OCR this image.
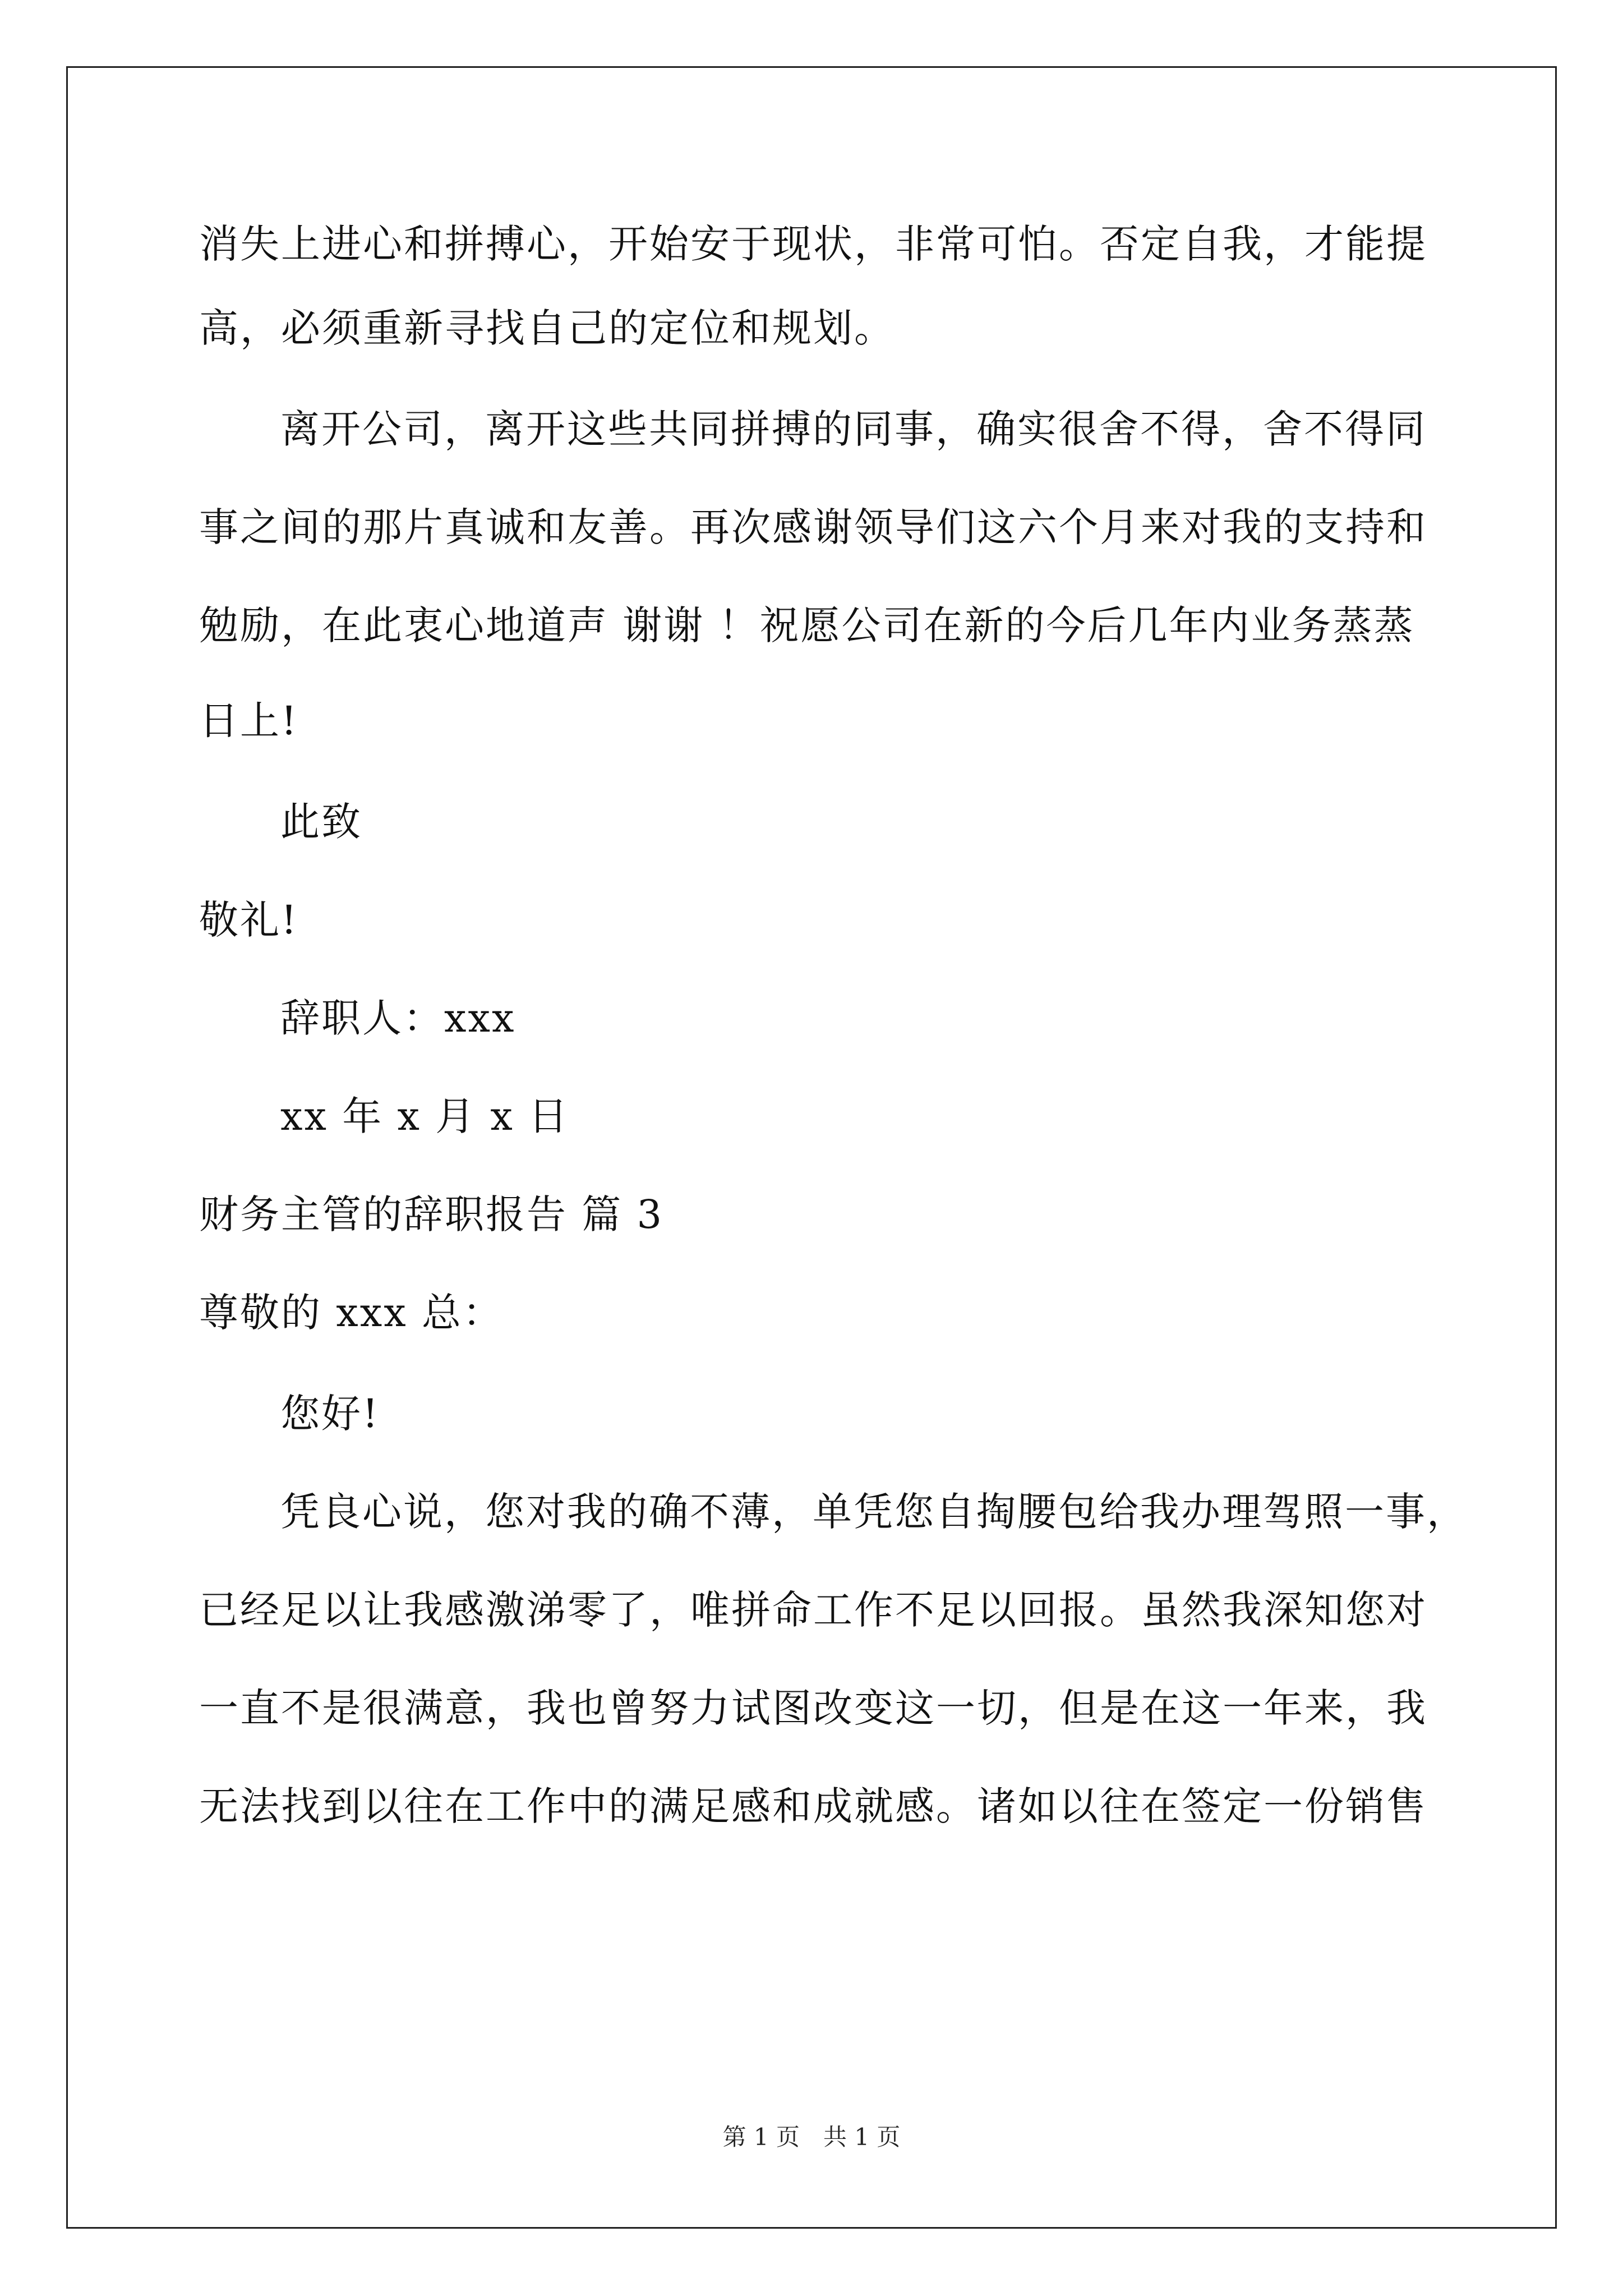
消失上进心和拼搏心，开始安于现状，非常可怕。否定自我，才能提
高，必须重新寻找自己的定位和规划。
离开公司，离开这些共同拼搏的同事，确实很舍不得，舍不得同
事之间的那片真诚和友善。再次感谢领导们这六个月来对我的支持和
勉励，在此衷心地道声 谢谢 ！祝愿公司在新的今后几年内业务蒸蒸
日上!
此致
敬礼!
辞职人：xxx
xx 年 x 月 x 日
财务主管的辞职报告 篇 3
尊敬的 xxx 总：
您好!
凭良心说，您对我的确不薄，单凭您自掏腰包给我办理驾照一事，
已经足以让我感激涕零了，唯拼命工作不足以回报。虽然我深知您对
一直不是很满意，我也曾努力试图改变这一切，但是在这一年来，我
无法找到以往在工作中的满足感和成就感。诸如以往在签定一份销售
第 1 页　共 1 页
